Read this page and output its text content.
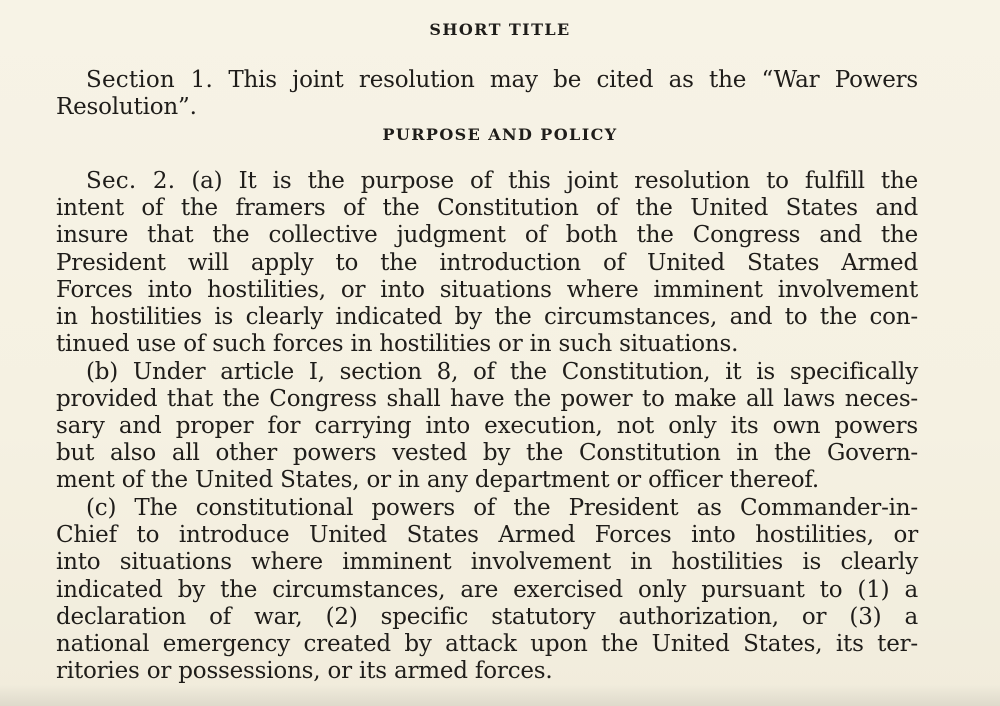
SHORT TITLE
Section 1. This joint resolution may be cited as the “War Powers
Resolution”.
PURPOSE AND POLICY
Sec. 2. (a) It is the purpose of this joint resolution to fulfill the
intent of the framers of the Constitution of the United States and
insure that the collective judgment of both the Congress and the
President will apply to the introduction of United States Armed
Forces into hostilities, or into situations where imminent involvement
in hostilities is clearly indicated by the circumstances, and to the con-
tinued use of such forces in hostilities or in such situations.
(b) Under article I, section 8, of the Constitution, it is specifically
provided that the Congress shall have the power to make all laws neces-
sary and proper for carrying into execution, not only its own powers
but also all other powers vested by the Constitution in the Govern-
ment of the United States, or in any department or officer thereof.
(c) The constitutional powers of the President as Commander-in-
Chief to introduce United States Armed Forces into hostilities, or
into situations where imminent involvement in hostilities is clearly
indicated by the circumstances, are exercised only pursuant to (1) a
declaration of war, (2) specific statutory authorization, or (3) a
national emergency created by attack upon the United States, its ter-
ritories or possessions, or its armed forces.
